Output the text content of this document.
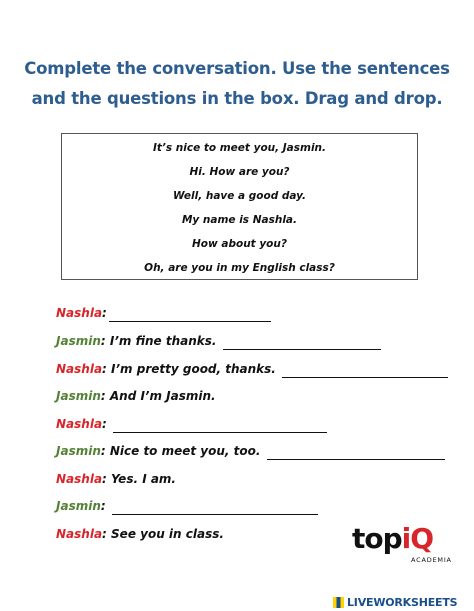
Complete the conversation. Use the sentences
and the questions in the box. Drag and drop.
It’s nice to meet you, Jasmin.
Hi. How are you?
Well, have a good day.
My name is Nashla.
How about you?
Oh, are you in my English class?
Nashla:
Jasmin: I’m fine thanks.
Nashla: I’m pretty good, thanks.
Jasmin: And I’m Jasmin.
Nashla:
Jasmin: Nice to meet you, too.
Nashla: Yes. I am.
Jasmin:
Nashla: See you in class.	topiQ
ACADEMIA
LIVEWORKSHEETS
